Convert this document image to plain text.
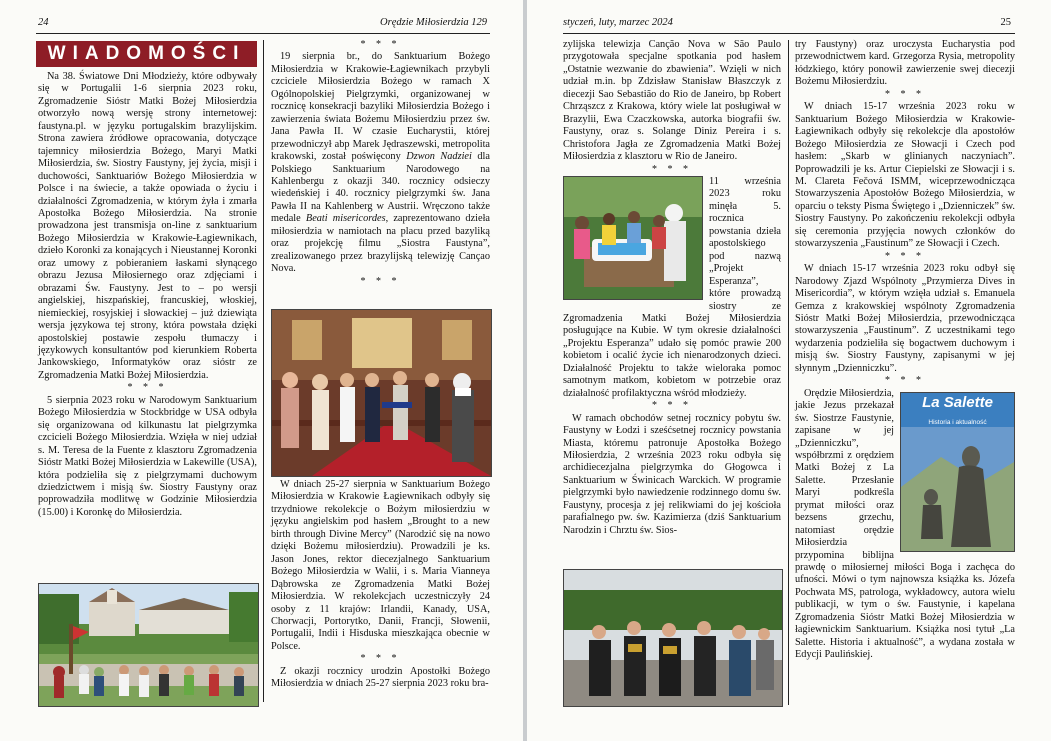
24	Orędzie Miłosierdzia 129
WIADOMOŚCI

Na 38. Światowe Dni Młodzieży, które odbywały się w Portugalii 1-6 sierpnia 2023 roku, Zgromadzenie Sióstr Matki Bożej Miłosierdzia otworzyło nową wersję strony internetowej: faustyna.pl. w języku portugalskim brazylijskim. Strona zawiera źródłowe opracowania, dotyczące tajemnicy miłosierdzia Bożego, Maryi Matki Miłosierdzia, św. Siostry Faustyny, jej życia, misji i duchowości, Sanktuariów Bożego Miłosierdzia w Polsce i na świecie, a także opowiada o życiu i działalności Zgromadzenia, w którym żyła i zmarła Apostołka Bożego Miłosierdzia. Na stronie prowadzona jest transmisja on-line z sanktuarium Bożego Miłosierdzia w Krakowie-Łagiewnikach, dzieło Koronki za konających i Nieustannej Koronki oraz umowy z pobieraniem łaskami słynącego obrazu Jezusa Miłosiernego oraz zdjęciami i obrazami Św. Faustyny. Jest to – po wersji angielskiej, hiszpańskiej, francuskiej, włoskiej, niemieckiej, rosyjskiej i słowackiej – już dziewiąta wersja językowa tej strony, która powstała dzięki apostolskiej postawie zespołu tłumaczy i językowych konsultantów pod kierunkiem Roberta Jankowskiego, Informatyków oraz sióstr ze Zgromadzenia Matki Bożej Miłosierdzia.

* * *

5 sierpnia 2023 roku w Narodowym Sanktuarium Bożego Miłosierdzia w Stockbridge w USA odbyła się organizowana od kilkunastu lat pielgrzymka czcicieli Bożego Miłosierdzia. Wzięła w niej udział s. M. Teresa de la Fuente z klasztoru Zgromadzenia Sióstr Matki Bożej Miłosierdzia w Lakewille (USA), która podzieliła się z pielgrzymami duchowym dziedzictwem i misją św. Siostry Faustyny oraz poprowadziła modlitwę w Godzinie Miłosierdzia (15.00) i Koronkę do Miłosierdzia.

* * *

19 sierpnia br., do Sanktuarium Bożego Miłosierdzia w Krakowie-Łagiewnikach przybyli czciciele Miłosierdzia Bożego w ramach X Ogólnopolskiej Pielgrzymki, organizowanej w rocznicę konsekracji bazyliki Miłosierdzia Bożego i zawierzenia świata Bożemu Miłosierdziu przez św. Jana Pawła II. W czasie Eucharystii, której przewodniczył abp Marek Jędraszewski, metropolita krakowski, został poświęcony Dzwon Nadziei dla Polskiego Sanktuarium Narodowego na Kahlenbergu z okazji 340. rocznicy odsieczy wiedeńskiej i 40. rocznicy pielgrzymki św. Jana Pawła II na Kahlenberg w Austrii. Wręczono także medale Beati misericordes, zaprezentowano dzieła miłosierdzia w namiotach na placu przed bazyliką oraz projekcję filmu „Siostra Faustyna”, zrealizowanego przez brazylijską telewizję Cançao Nova.

* * *

W dniach 25-27 sierpnia w Sanktuarium Bożego Miłosierdzia w Krakowie Łagiewnikach odbyły się trzydniowe rekolekcje o Bożym miłosierdziu w języku angielskim pod hasłem „Brought to a new birth through Divine Mercy” (Narodzić się na nowo dzięki Bożemu miłosierdziu). Prowadzili je ks. Jason Jones, rektor diecezjalnego Sanktuarium Bożego Miłosierdzia w Walii, i s. Maria Vianneya Dąbrowska ze Zgromadzenia Matki Bożej Miłosierdzia. W rekolekcjach uczestniczyły 24 osoby z 11 krajów: Irlandii, Kanady, USA, Chorwacji, Portorytko, Danii, Francji, Słowenii, Portugalii, Indii i Hisduska mieszkająca obecnie w Polsce.

* * *

Z okazji rocznicy urodzin Apostołki Bożego Miłosierdzia w dniach 25-27 sierpnia 2023 roku bra-

styczeń, luty, marzec 2024	25

zylijska telewizja Canção Nova w São Paulo przygotowała specjalne spotkania pod hasłem „Ostatnie wezwanie do zbawienia”. Wzięli w nich udział m.in. bp Zdzisław Stanisław Błaszczyk z diecezji Sao Sebastião do Rio de Janeiro, bp Robert Chrząszcz z Krakowa, który wiele lat posługiwał w Brazylii, Ewa Czaczkowska, autorka biografii św. Faustyny, oraz s. Solange Diniz Pereira i s. Christofora Jagła ze Zgromadzenia Matki Bożej Miłosierdzia z klasztoru w Rio de Janeiro.

* * *

11 września 2023 roku minęła 5. rocznica powstania dzieła apostolskiego pod nazwą „Projekt Esperanza”, które prowadzą siostry ze Zgromadzenia Matki Bożej Miłosierdzia posługujące na Kubie. W tym okresie działalności „Projektu Esperanza” udało się pomóc prawie 200 kobietom i ocalić życie ich nienarodzonych dzieci. Działalność Projektu to także wieloraka pomoc samotnym matkom, kobietom w potrzebie oraz działalność profilaktyczna wśród młodzieży.

* * *

W ramach obchodów setnej rocznicy pobytu św. Faustyny w Łodzi i sześćsetnej rocznicy powstania Miasta, któremu patronuje Apostołka Bożego Miłosierdzia, 2 września 2023 roku odbyła się archidiecezjalna pielgrzymka do Głogowca i Sanktuarium w Świnicach Warckich. W programie pielgrzymki było nawiedzenie rodzinnego domu św. Faustyny, procesja z jej relikwiami do jej kościoła parafialnego pw. św. Kazimierza (dziś Sanktuarium Narodzin i Chrztu św. Sios-

try Faustyny) oraz uroczysta Eucharystia pod przewodnictwem kard. Grzegorza Rysia, metropolity łódzkiego, który ponowił zawierzenie swej diecezji Bożemu Miłosierdziu.

* * *

W dniach 15-17 września 2023 roku w Sanktuarium Bożego Miłosierdzia w Krakowie-Łagiewnikach odbyły się rekolekcje dla apostołów Bożego Miłosierdzia ze Słowacji i Czech pod hasłem: „Skarb w glinianych naczyniach”. Poprowadzili je ks. Artur Ciepielski ze Słowacji i s. M. Clareta Fečová ISMM, wiceprzewodnicząca Stowarzyszenia Apostołów Bożego Miłosierdzia, w oparciu o teksty Pisma Świętego i „Dzienniczek” św. Siostry Faustyny. Po zakończeniu rekolekcji odbyła się ceremonia przyjęcia nowych członków do stowarzyszenia „Faustinum” ze Słowacji i Czech.

* * *

W dniach 15-17 września 2023 roku odbył się Narodowy Zjazd Wspólnoty „Przymierza Dives in Misericordia”, w którym wzięła udział s. Emanuela Gemza z krakowskiej wspólnoty Zgromadzenia Sióstr Matki Bożej Miłosierdzia, przewodnicząca stowarzyszenia „Faustinum”. Z uczestnikami tego wydarzenia podzieliła się bogactwem duchowym i misją św. Siostry Faustyny, zapisanymi w jej słynnym „Dzienniczku”.

* * *

La Salette
Historia i aktualność

Orędzie Miłosierdzia, jakie Jezus przekazał św. Siostrze Faustynie, zapisane w jej „Dzienniczku”, współbrzmi z orędziem Matki Bożej z La Salette. Przesłanie Maryi podkreśla prymat miłości oraz bezsens grzechu, natomiast orędzie Miłosierdzia przypomina biblijna prawdę o miłosiernej miłości Boga i zachęca do ufności. Mówi o tym najnowsza książka ks. Józefa Pochwata MS, patrologa, wykładowcy, autora wielu publikacji, w tym o św. Faustynie, i kapelana Zgromadzenia Sióstr Matki Bożej Miłosierdzia w łagiewnickim Sanktuarium. Książka nosi tytuł „La Salette. Historia i aktualność”, a wydana została w Edycji Paulińskiej.
